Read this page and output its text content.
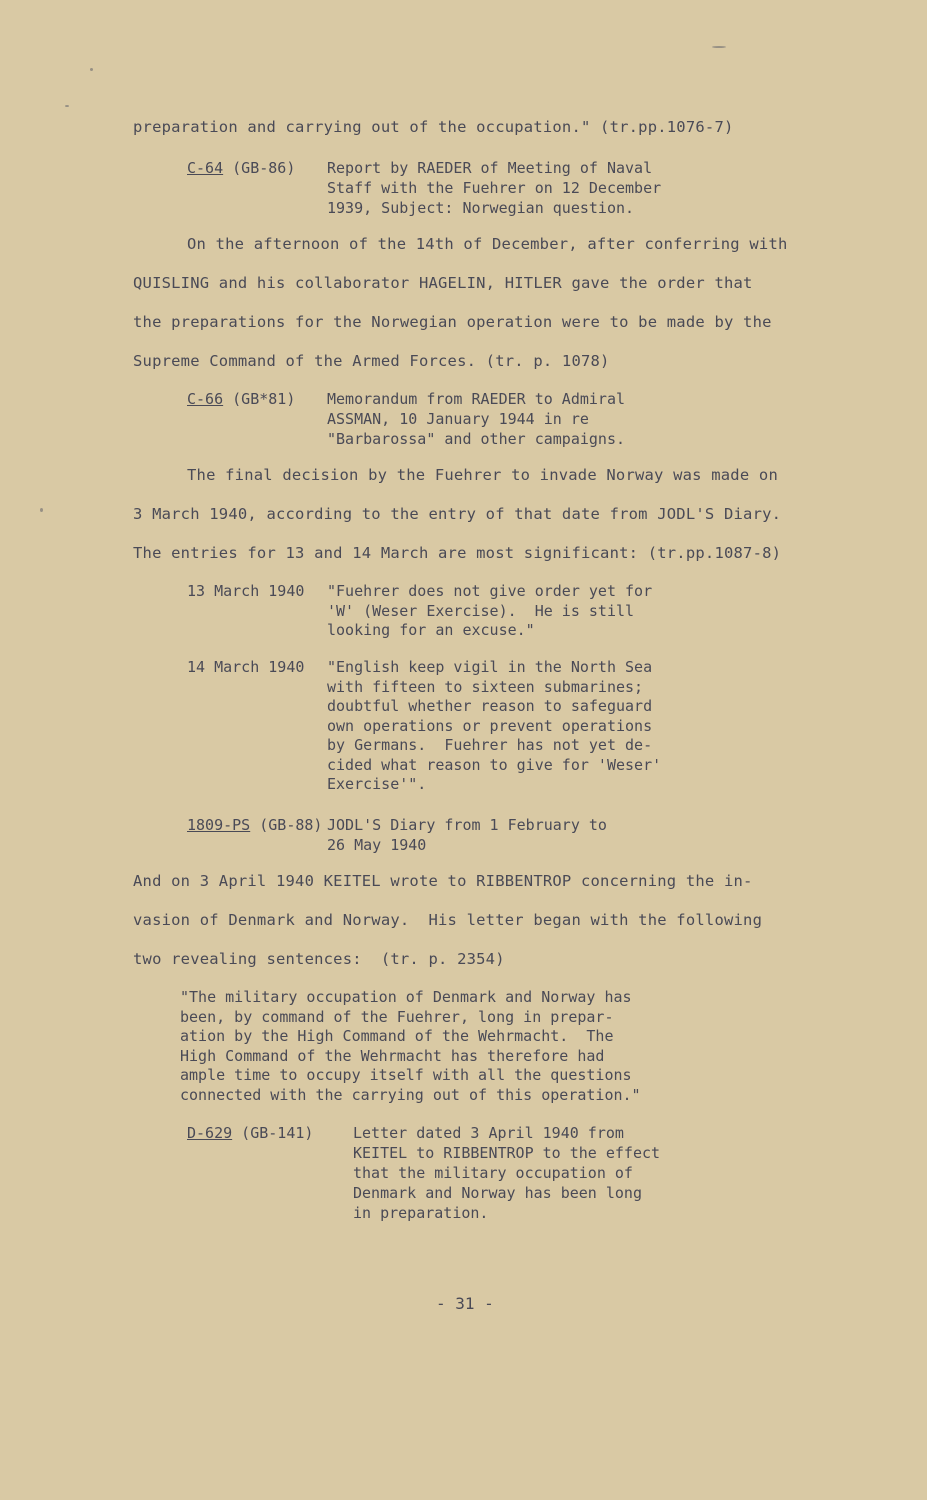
preparation and carrying out of the occupation." (tr.pp.1076-7)
C-64 (GB-86) Report by RAEDER of Meeting of Naval
Staff with the Fuehrer on 12 December
1939, Subject: Norwegian question.
On the afternoon of the 14th of December, after conferring with
QUISLING and his collaborator HAGELIN, HITLER gave the order that
the preparations for the Norwegian operation were to be made by the
Supreme Command of the Armed Forces. (tr. p. 1078)
C-66 (GB*81) Memorandum from RAEDER to Admiral
ASSMAN, 10 January 1944 in re
"Barbarossa" and other campaigns.
The final decision by the Fuehrer to invade Norway was made on
3 March 1940, according to the entry of that date from JODL'S Diary.
The entries for 13 and 14 March are most significant: (tr.pp.1087-8)
13 March 1940 "Fuehrer does not give order yet for
'W' (Weser Exercise).  He is still
looking for an excuse."
14 March 1940 "English keep vigil in the North Sea
with fifteen to sixteen submarines;
doubtful whether reason to safeguard
own operations or prevent operations
by Germans.  Fuehrer has not yet de-
cided what reason to give for 'Weser'
Exercise'".
1809-PS (GB-88) JODL'S Diary from 1 February to
26 May 1940
And on 3 April 1940 KEITEL wrote to RIBBENTROP concerning the in-
vasion of Denmark and Norway.  His letter began with the following
two revealing sentences:  (tr. p. 2354)
"The military occupation of Denmark and Norway has
been, by command of the Fuehrer, long in prepar-
ation by the High Command of the Wehrmacht.  The
High Command of the Wehrmacht has therefore had
ample time to occupy itself with all the questions
connected with the carrying out of this operation."
D-629 (GB-141)	Letter dated 3 April 1940 from
KEITEL to RIBBENTROP to the effect
that the military occupation of
Denmark and Norway has been long
in preparation.
- 31 -
